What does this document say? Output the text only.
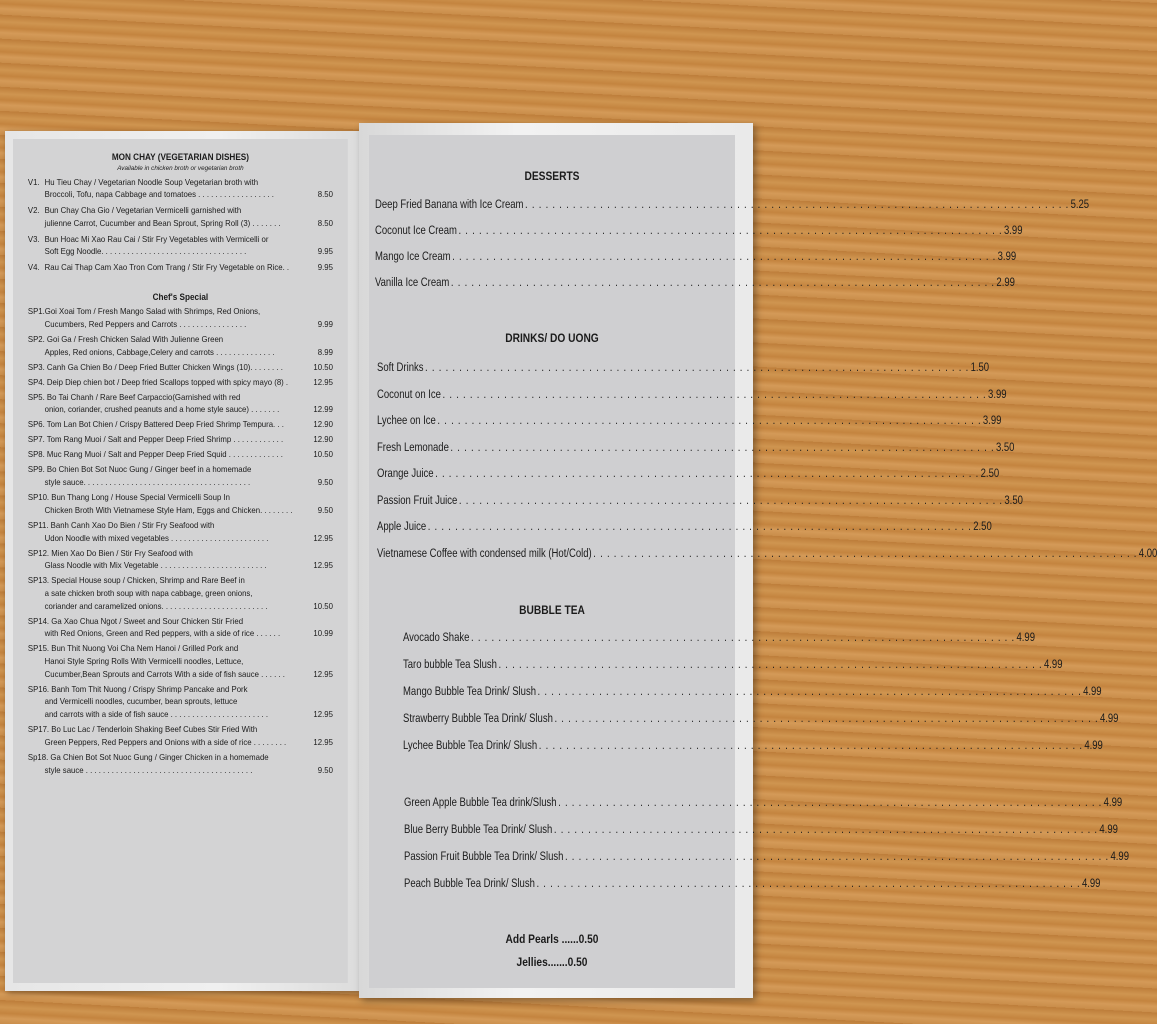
MON CHAY (VEGETARIAN DISHES)
Available in chicken broth or vegetarian broth
V1. Hu Tieu Chay / Vegetarian Noodle Soup Vegetarian broth with
Broccoli, Tofu, napa Cabbage and tomatoes . . . . . . . . . . . . . . . . . .	8.50
V2. Bun Chay Cha Gio / Vegetarian Vermicelli garnished with
julienne Carrot, Cucumber and Bean Sprout, Spring Roll (3) . . . . . . .	8.50
V3. Bun Hoac Mi Xao Rau Cai / Stir Fry Vegetables with Vermicelli or
Soft Egg Noodle. . . . . . . . . . . . . . . . . . . . . . . . . . . . . . . . . .	9.95
V4. Rau Cai Thap Cam Xao Tron Com Trang / Stir Fry Vegetable on Rice. .	9.95
Chef's Special
SP1.Goi Xoai Tom / Fresh Mango Salad with Shrimps, Red Onions,
Cucumbers, Red Peppers and Carrots . . . . . . . . . . . . . . . .	9.99
SP2. Goi Ga / Fresh Chicken Salad With Julienne Green
Apples, Red onions, Cabbage,Celery and carrots . . . . . . . . . . . . . .	8.99
SP3. Canh Ga Chien Bo / Deep Fried Butter Chicken Wings (10). . . . . . . .	10.50
SP4. Deip Diep chien bot / Deep fried Scallops topped with spicy mayo (8) .	12.95
SP5. Bo Tai Chanh / Rare Beef Carpaccio(Garnished with red
onion, coriander, crushed peanuts and a home style sauce) . . . . . . .	12.99
SP6. Tom Lan Bot Chien / Crispy Battered Deep Fried Shrimp Tempura. . .	12.90
SP7. Tom Rang Muoi / Salt and Pepper Deep Fried Shrimp . . . . . . . . . . . .	12.90
SP8. Muc Rang Muoi / Salt and Pepper Deep Fried Squid . . . . . . . . . . . . .	10.50
SP9. Bo Chien Bot Sot Nuoc Gung / Ginger beef in a homemade
style sauce. . . . . . . . . . . . . . . . . . . . . . . . . . . . . . . . . . . . . . .	9.50
SP10. Bun Thang Long / House Special Vermicelli Soup In
Chicken Broth With Vietnamese Style Ham, Eggs and Chicken. . . . . . . .	9.50
SP11. Banh Canh Xao Do Bien / Stir Fry Seafood with
Udon Noodle with mixed vegetables . . . . . . . . . . . . . . . . . . . . . . .	12.95
SP12. Mien Xao Do Bien / Stir Fry Seafood with
Glass Noodle with Mix Vegetable . . . . . . . . . . . . . . . . . . . . . . . . .	12.95
SP13. Special House soup / Chicken, Shrimp and Rare Beef in
a sate chicken broth soup with napa cabbage, green onions,
coriander and caramelized onions. . . . . . . . . . . . . . . . . . . . . . . . .	10.50
SP14. Ga Xao Chua Ngot / Sweet and Sour Chicken Stir Fried
with Red Onions, Green and Red peppers, with a side of rice . . . . . .	10.99
SP15. Bun Thit Nuong Voi Cha Nem Hanoi / Grilled Pork and
Hanoi Style Spring Rolls With Vermicelli noodles, Lettuce,
Cucumber,Bean Sprouts and Carrots With a side of fish sauce . . . . . .	12.95
SP16. Banh Tom Thit Nuong / Crispy Shrimp Pancake and Pork
and Vermicelli noodles, cucumber, bean sprouts, lettuce
and carrots with a side of fish sauce . . . . . . . . . . . . . . . . . . . . . . .	12.95
SP17. Bo Luc Lac / Tenderloin Shaking Beef Cubes Stir Fried With
Green Peppers, Red Peppers and Onions with a side of rice . . . . . . . .	12.95
Sp18. Ga Chien Bot Sot Nuoc Gung / Ginger Chicken in a homemade
style sauce . . . . . . . . . . . . . . . . . . . . . . . . . . . . . . . . . . . . . . .	9.50
DESSERTS
DRINKS/ DO UONG
BUBBLE TEA
Add Pearls ......0.50
Jellies.......0.50
Deep Fried Banana with Ice Cream . . . . . . . . . . . . . . . . . . . . . . . . . . . . . . . . . . . . . . . . . . . . . . . . . . . . . . . . . . . . . . . . . . . . . . . . . . . . . . . . 5.25
Coconut Ice Cream . . . . . . . . . . . . . . . . . . . . . . . . . . . . . . . . . . . . . . . . . . . . . . . . . . . . . . . . . . . . . . . . . . . . . . . . . . . . . . . . 3.99
Mango Ice Cream . . . . . . . . . . . . . . . . . . . . . . . . . . . . . . . . . . . . . . . . . . . . . . . . . . . . . . . . . . . . . . . . . . . . . . . . . . . . . . . . 3.99
Vanilla Ice Cream . . . . . . . . . . . . . . . . . . . . . . . . . . . . . . . . . . . . . . . . . . . . . . . . . . . . . . . . . . . . . . . . . . . . . . . . . . . . . . . . 2.99
Soft Drinks . . . . . . . . . . . . . . . . . . . . . . . . . . . . . . . . . . . . . . . . . . . . . . . . . . . . . . . . . . . . . . . . . . . . . . . . . . . . . . . . 1.50
Coconut on Ice . . . . . . . . . . . . . . . . . . . . . . . . . . . . . . . . . . . . . . . . . . . . . . . . . . . . . . . . . . . . . . . . . . . . . . . . . . . . . . . . 3.99
Lychee on Ice . . . . . . . . . . . . . . . . . . . . . . . . . . . . . . . . . . . . . . . . . . . . . . . . . . . . . . . . . . . . . . . . . . . . . . . . . . . . . . . . 3.99
Fresh Lemonade . . . . . . . . . . . . . . . . . . . . . . . . . . . . . . . . . . . . . . . . . . . . . . . . . . . . . . . . . . . . . . . . . . . . . . . . . . . . . . . . 3.50
Orange Juice . . . . . . . . . . . . . . . . . . . . . . . . . . . . . . . . . . . . . . . . . . . . . . . . . . . . . . . . . . . . . . . . . . . . . . . . . . . . . . . . 2.50
Passion Fruit Juice . . . . . . . . . . . . . . . . . . . . . . . . . . . . . . . . . . . . . . . . . . . . . . . . . . . . . . . . . . . . . . . . . . . . . . . . . . . . . . . . 3.50
Apple Juice . . . . . . . . . . . . . . . . . . . . . . . . . . . . . . . . . . . . . . . . . . . . . . . . . . . . . . . . . . . . . . . . . . . . . . . . . . . . . . . . 2.50
Vietnamese Coffee with condensed milk (Hot/Cold) . . . . . . . . . . . . . . . . . . . . . . . . . . . . . . . . . . . . . . . . . . . . . . . . . . . . . . . . . . . . . . . . . . . . . . . . . . . . . . . . 4.00
Avocado Shake . . . . . . . . . . . . . . . . . . . . . . . . . . . . . . . . . . . . . . . . . . . . . . . . . . . . . . . . . . . . . . . . . . . . . . . . . . . . . . . . 4.99
Taro bubble Tea Slush . . . . . . . . . . . . . . . . . . . . . . . . . . . . . . . . . . . . . . . . . . . . . . . . . . . . . . . . . . . . . . . . . . . . . . . . . . . . . . . . 4.99
Mango Bubble Tea Drink/ Slush . . . . . . . . . . . . . . . . . . . . . . . . . . . . . . . . . . . . . . . . . . . . . . . . . . . . . . . . . . . . . . . . . . . . . . . . . . . . . . . . 4.99
Strawberry Bubble Tea Drink/ Slush . . . . . . . . . . . . . . . . . . . . . . . . . . . . . . . . . . . . . . . . . . . . . . . . . . . . . . . . . . . . . . . . . . . . . . . . . . . . . . . . 4.99
Lychee Bubble Tea Drink/ Slush . . . . . . . . . . . . . . . . . . . . . . . . . . . . . . . . . . . . . . . . . . . . . . . . . . . . . . . . . . . . . . . . . . . . . . . . . . . . . . . . 4.99
Green Apple Bubble Tea drink/Slush . . . . . . . . . . . . . . . . . . . . . . . . . . . . . . . . . . . . . . . . . . . . . . . . . . . . . . . . . . . . . . . . . . . . . . . . . . . . . . . . 4.99
Blue Berry Bubble Tea Drink/ Slush . . . . . . . . . . . . . . . . . . . . . . . . . . . . . . . . . . . . . . . . . . . . . . . . . . . . . . . . . . . . . . . . . . . . . . . . . . . . . . . . 4.99
Passion Fruit Bubble Tea Drink/ Slush . . . . . . . . . . . . . . . . . . . . . . . . . . . . . . . . . . . . . . . . . . . . . . . . . . . . . . . . . . . . . . . . . . . . . . . . . . . . . . . . 4.99
Peach Bubble Tea Drink/ Slush . . . . . . . . . . . . . . . . . . . . . . . . . . . . . . . . . . . . . . . . . . . . . . . . . . . . . . . . . . . . . . . . . . . . . . . . . . . . . . . . 4.99
